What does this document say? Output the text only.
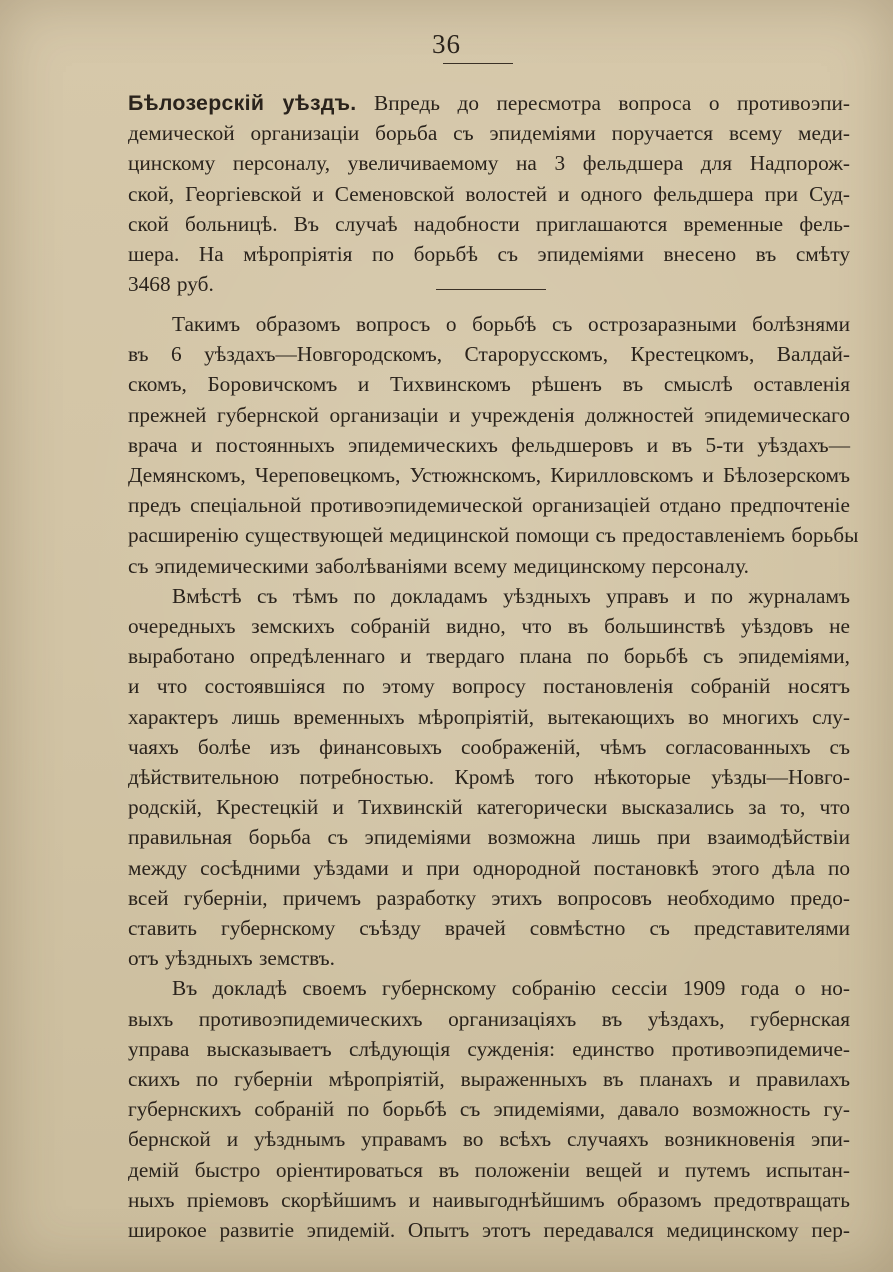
36
Бѣлозерскій уѣздъ. Впредь до пересмотра вопроса о противоэпи-
демической организаціи борьба съ эпидеміями поручается всему меди-
цинскому персоналу, увеличиваемому на 3 фельдшера для Надпорож-
ской, Георгіевской и Семеновской волостей и одного фельдшера при Суд-
ской больницѣ. Въ случаѣ надобности приглашаются временные фель-
шера. На мѣропріятія по борьбѣ съ эпидеміями внесено въ смѣту
3468 руб.
Такимъ образомъ вопросъ о борьбѣ съ острозаразными болѣзнями
въ 6 уѣздахъ—Новгородскомъ, Старорусскомъ, Крестецкомъ, Валдай-
скомъ, Боровичскомъ и Тихвинскомъ рѣшенъ въ смыслѣ оставленія
прежней губернской организаціи и учрежденія должностей эпидемическаго
врача и постоянныхъ эпидемическихъ фельдшеровъ и въ 5-ти уѣздахъ—
Демянскомъ, Череповецкомъ, Устюжнскомъ, Кирилловскомъ и Бѣлозерскомъ
предъ спеціальной противоэпидемической организаціей отдано предпочтеніе
расширенію существующей медицинской помощи съ предоставленіемъ борьбы
съ эпидемическими заболѣваніями всему медицинскому персоналу.
Вмѣстѣ съ тѣмъ по докладамъ уѣздныхъ управъ и по журналамъ
очередныхъ земскихъ собраній видно, что въ большинствѣ уѣздовъ не
выработано опредѣленнаго и твердаго плана по борьбѣ съ эпидеміями,
и что состоявшіяся по этому вопросу постановленія собраній носятъ
характеръ лишь временныхъ мѣропріятій, вытекающихъ во многихъ слу-
чаяхъ болѣе изъ финансовыхъ соображеній, чѣмъ согласованныхъ съ
дѣйствительною потребностью. Кромѣ того нѣкоторые уѣзды—Новго-
родскій, Крестецкій и Тихвинскій категорически высказались за то, что
правильная борьба съ эпидеміями возможна лишь при взаимодѣйствіи
между сосѣдними уѣздами и при однородной постановкѣ этого дѣла по
всей губерніи, причемъ разработку этихъ вопросовъ необходимо предо-
ставить губернскому съѣзду врачей совмѣстно съ представителями
отъ уѣздныхъ земствъ.
Въ докладѣ своемъ губернскому собранію сессіи 1909 года о но-
выхъ противоэпидемическихъ организаціяхъ въ уѣздахъ, губернская
управа высказываетъ слѣдующія сужденія: единство противоэпидемиче-
скихъ по губерніи мѣропріятій, выраженныхъ въ планахъ и правилахъ
губернскихъ собраній по борьбѣ съ эпидеміями, давало возможность гу-
бернской и уѣзднымъ управамъ во всѣхъ случаяхъ возникновенія эпи-
демій быстро оріентироваться въ положеніи вещей и путемъ испытан-
ныхъ пріемовъ скорѣйшимъ и наивыгоднѣйшимъ образомъ предотвращать
широкое развитіе эпидемій. Опытъ этотъ передавался медицинскому пер-
